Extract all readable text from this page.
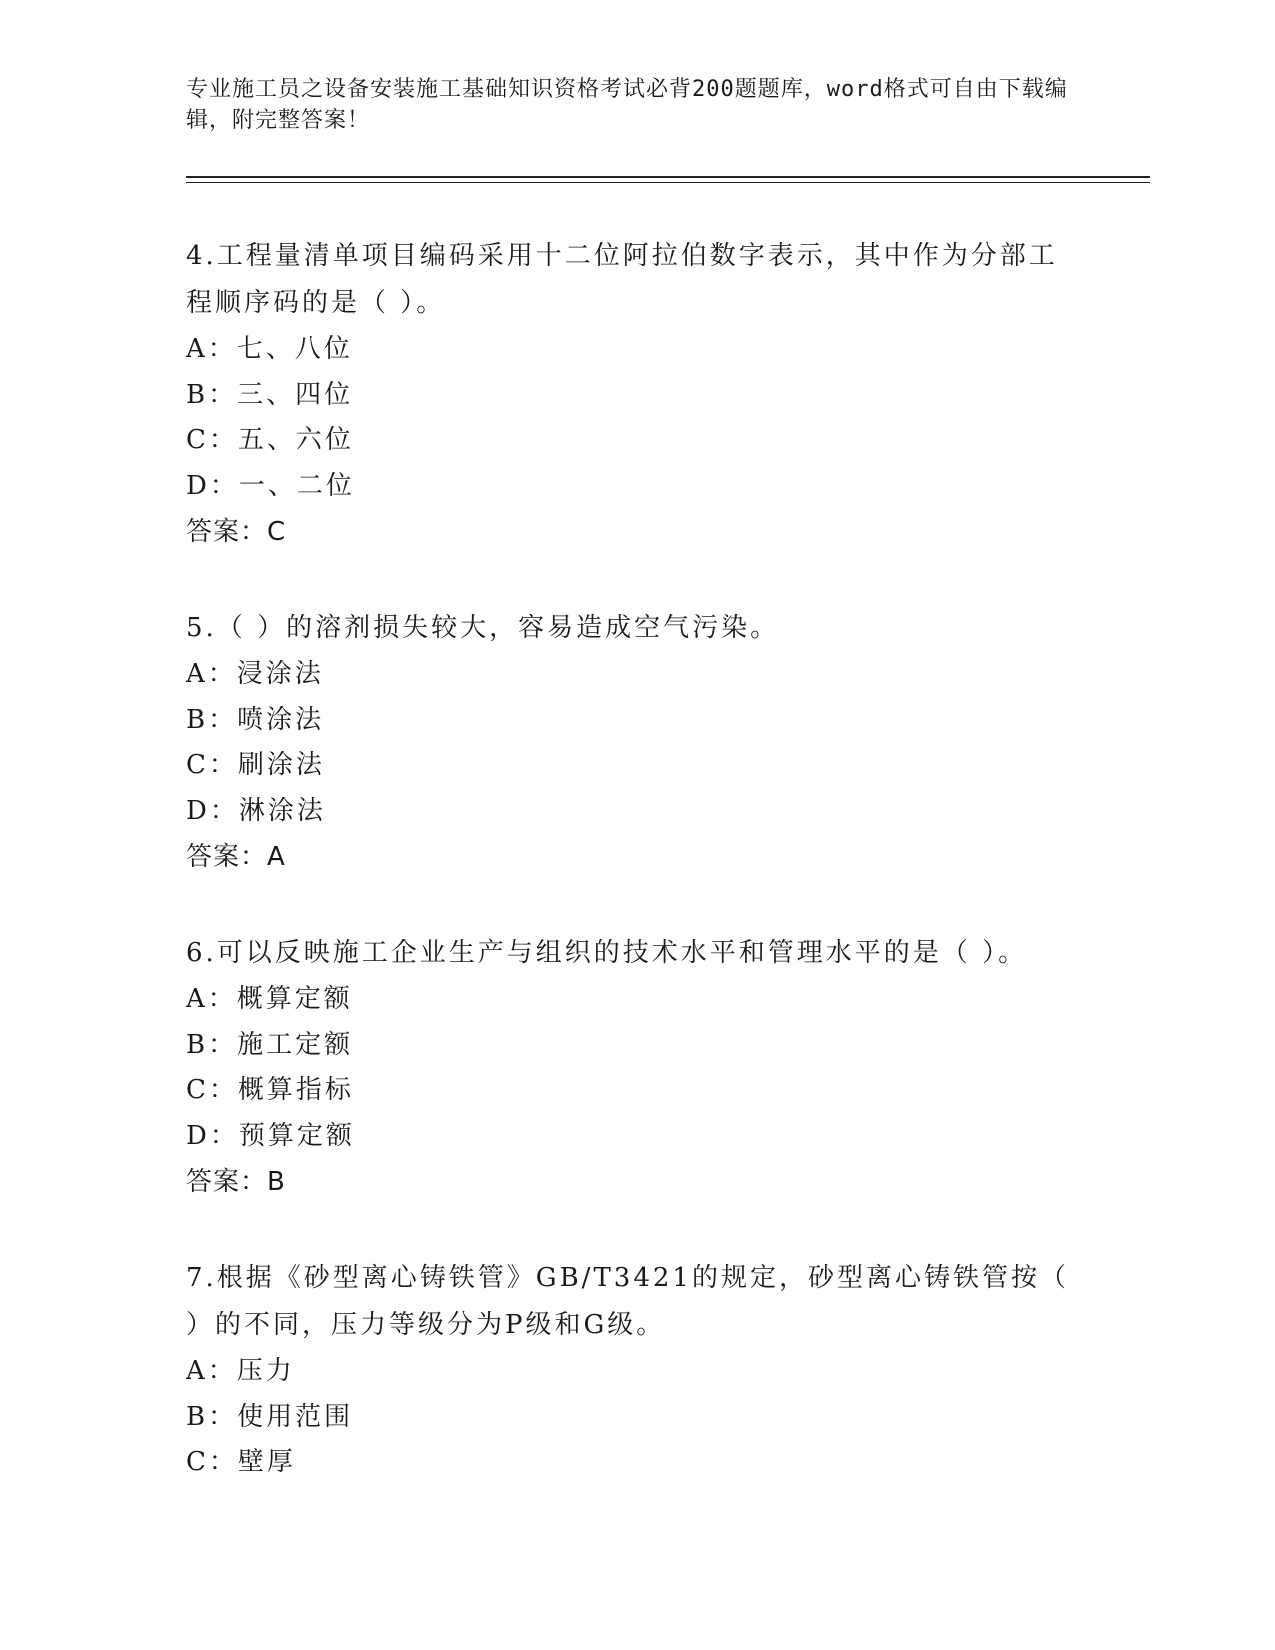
专业施工员之设备安装施工基础知识资格考试必背200题题库，word格式可自由下载编辑，附完整答案！
4.工程量清单项目编码采用十二位阿拉伯数字表示，其中作为分部工程顺序码的是（ ）。
A：七、八位
B：三、四位
C：五、六位
D：一、二位
答案：C
5.（ ）的溶剂损失较大，容易造成空气污染。
A：浸涂法
B：喷涂法
C：刷涂法
D：淋涂法
答案：A
6.可以反映施工企业生产与组织的技术水平和管理水平的是（ ）。
A：概算定额
B：施工定额
C：概算指标
D：预算定额
答案：B
7.根据《砂型离心铸铁管》GB/T3421的规定，砂型离心铸铁管按（ ）的不同，压力等级分为P级和G级。
A：压力
B：使用范围
C：壁厚
